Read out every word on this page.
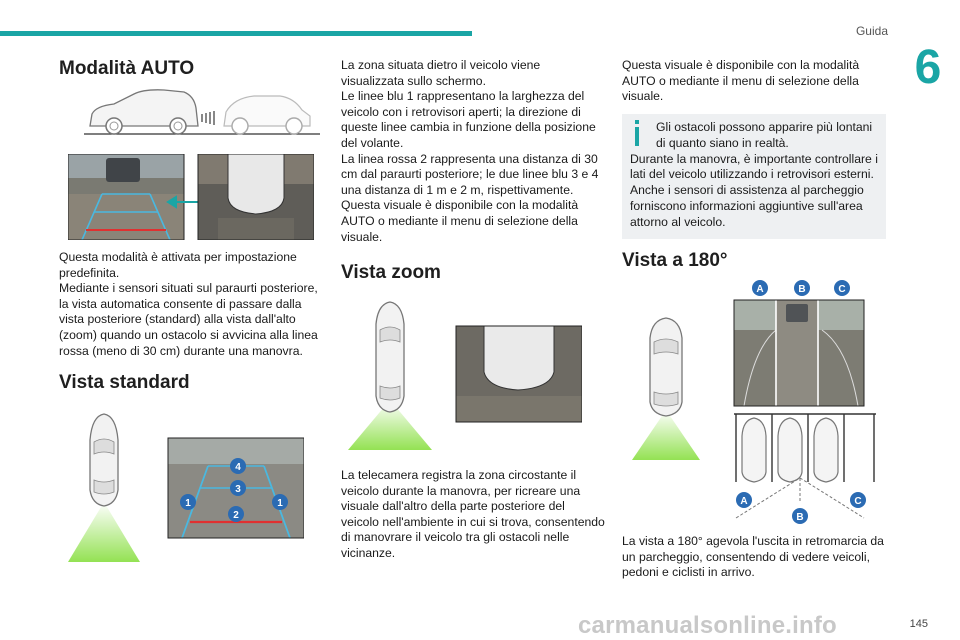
Guida
6
Modalità AUTO

Questa modalità è attivata per impostazione predefinita.
Mediante i sensori situati sul paraurti posteriore, la vista automatica consente di passare dalla vista posteriore (standard) alla vista dall'alto (zoom) quando un ostacolo si avvicina alla linea rossa (meno di 30 cm) durante una manovra.

Vista standard
4
3
1	1
2

La zona situata dietro il veicolo viene visualizzata sullo schermo.
Le linee blu 1 rappresentano la larghezza del veicolo con i retrovisori aperti; la direzione di queste linee cambia in funzione della posizione del volante.
La linea rossa 2 rappresenta una distanza di 30 cm dal paraurti posteriore; le due linee blu 3 e 4 una distanza di 1 m e 2 m, rispettivamente.
Questa visuale è disponibile con la modalità AUTO o mediante il menu di selezione della visuale.

Vista zoom

La telecamera registra la zona circostante il veicolo durante la manovra, per ricreare una visuale dall'altro della parte posteriore del veicolo nell'ambiente in cui si trova, consentendo di manovrare il veicolo tra gli ostacoli nelle vicinanze.

Questa visuale è disponibile con la modalità AUTO o mediante il menu di selezione della visuale.

Gli ostacoli possono apparire più lontani di quanto siano in realtà.

Durante la manovra, è importante controllare i lati del veicolo utilizzando i retrovisori esterni.
Anche i sensori di assistenza al parcheggio forniscono informazioni aggiuntive sull'area attorno al veicolo.

Vista a 180°
A	B	C
A
B
C

La vista a 180° agevola l'uscita in retromarcia da un parcheggio, consentendo di vedere veicoli, pedoni e ciclisti in arrivo.

carmanualsonline.info	145
